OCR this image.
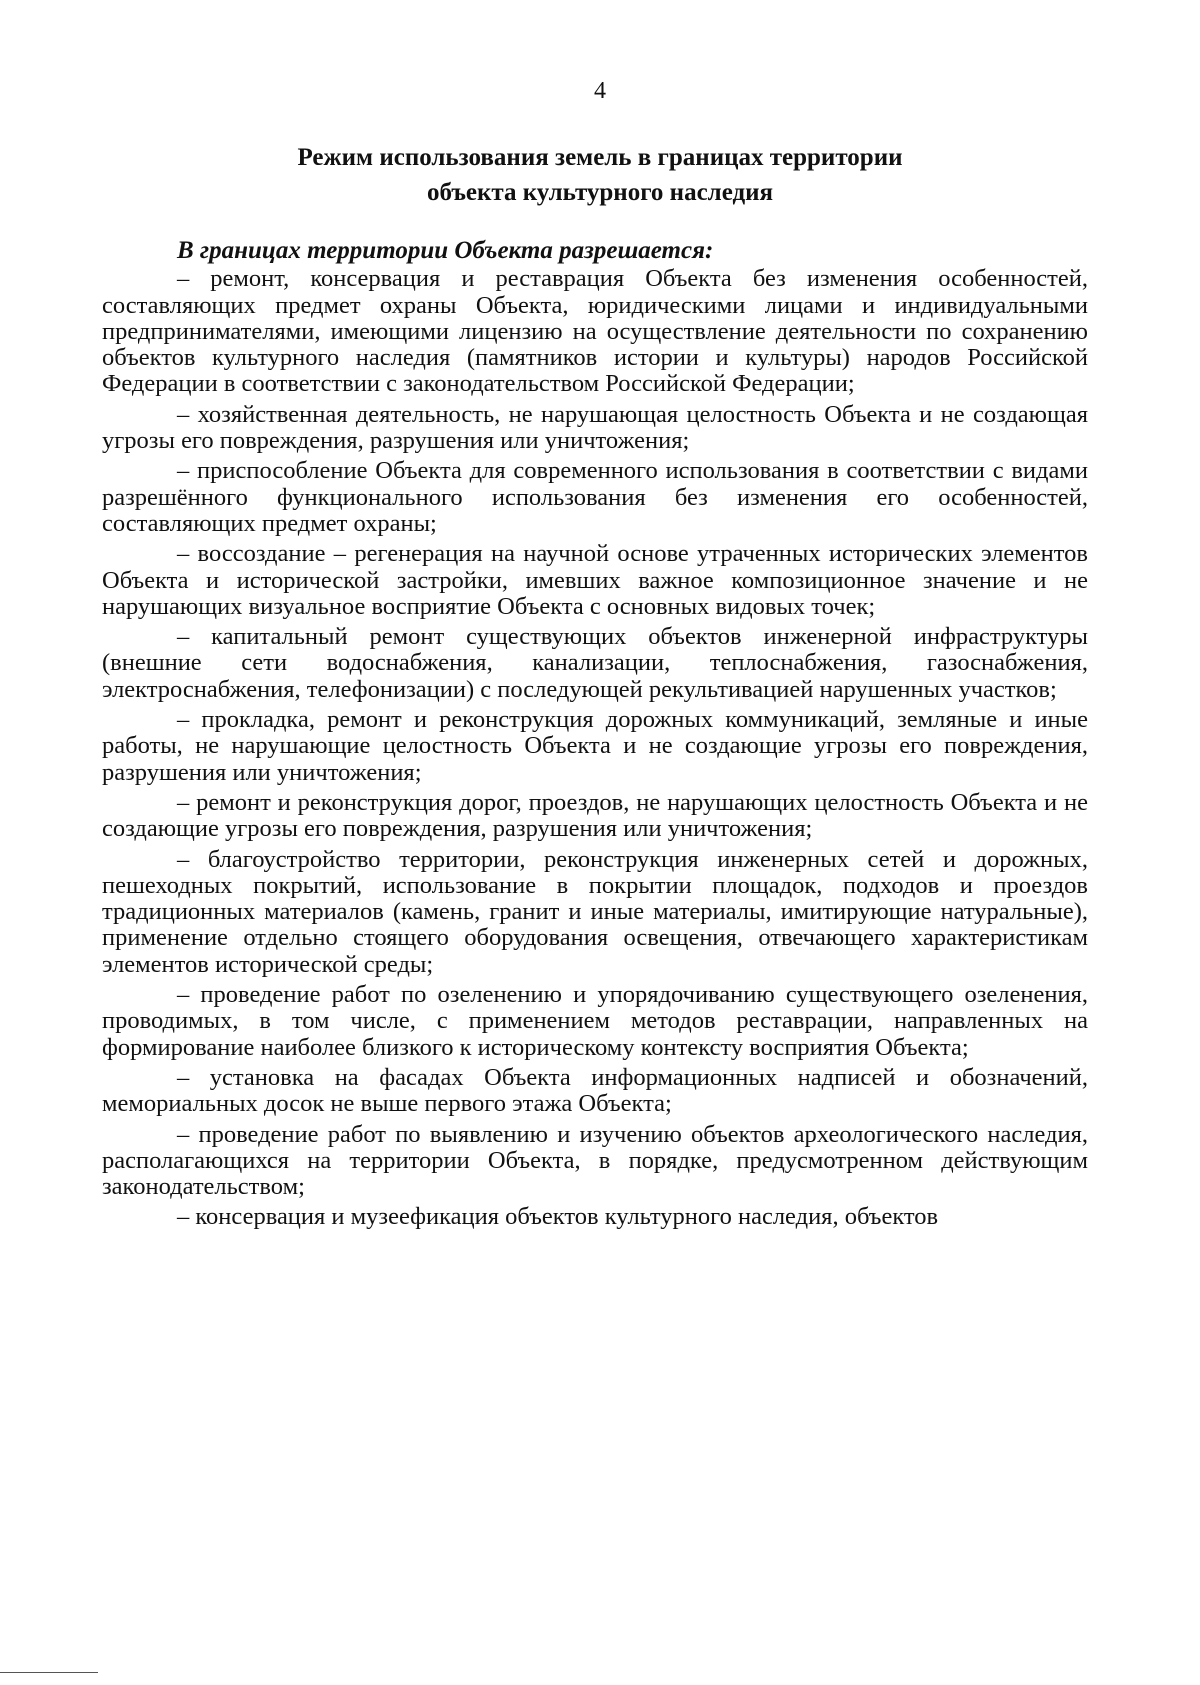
4
Режим использования земель в границах территории
объекта культурного наследия

В границах территории Объекта разрешается:

– ремонт, консервация и реставрация Объекта без изменения особенностей, составляющих предмет охраны Объекта, юридическими лицами и индивидуальными предпринимателями, имеющими лицензию на осуществление деятельности по сохранению объектов культурного наследия (памятников истории и культуры) народов Российской Федерации в соответствии с законодательством Российской Федерации;

– хозяйственная деятельность, не нарушающая целостность Объекта и не создающая угрозы его повреждения, разрушения или уничтожения;

– приспособление Объекта для современного использования в соответствии с видами разрешённого функционального использования без изменения его особенностей, составляющих предмет охраны;

– воссоздание – регенерация на научной основе утраченных исторических элементов Объекта и исторической застройки, имевших важное композиционное значение и не нарушающих визуальное восприятие Объекта с основных видовых точек;

– капитальный ремонт существующих объектов инженерной инфраструктуры (внешние сети водоснабжения, канализации, теплоснабжения, газоснабжения, электроснабжения, телефонизации) с последующей рекультивацией нарушенных участков;

– прокладка, ремонт и реконструкция дорожных коммуникаций, земляные и иные работы, не нарушающие целостность Объекта и не создающие угрозы его повреждения, разрушения или уничтожения;

– ремонт и реконструкция дорог, проездов, не нарушающих целостность Объекта и не создающие угрозы его повреждения, разрушения или уничтожения;

– благоустройство территории, реконструкция инженерных сетей и дорожных, пешеходных покрытий, использование в покрытии площадок, подходов и проездов традиционных материалов (камень, гранит и иные материалы, имитирующие натуральные), применение отдельно стоящего оборудования освещения, отвечающего характеристикам элементов исторической среды;

– проведение работ по озеленению и упорядочиванию существующего озеленения, проводимых, в том числе, с применением методов реставрации, направленных на формирование наиболее близкого к историческому контексту восприятия Объекта;

– установка на фасадах Объекта информационных надписей и обозначений, мемориальных досок не выше первого этажа Объекта;

– проведение работ по выявлению и изучению объектов археологического наследия, располагающихся на территории Объекта, в порядке, предусмотренном действующим законодательством;

– консервация и музеефикация объектов культурного наследия, объектов
